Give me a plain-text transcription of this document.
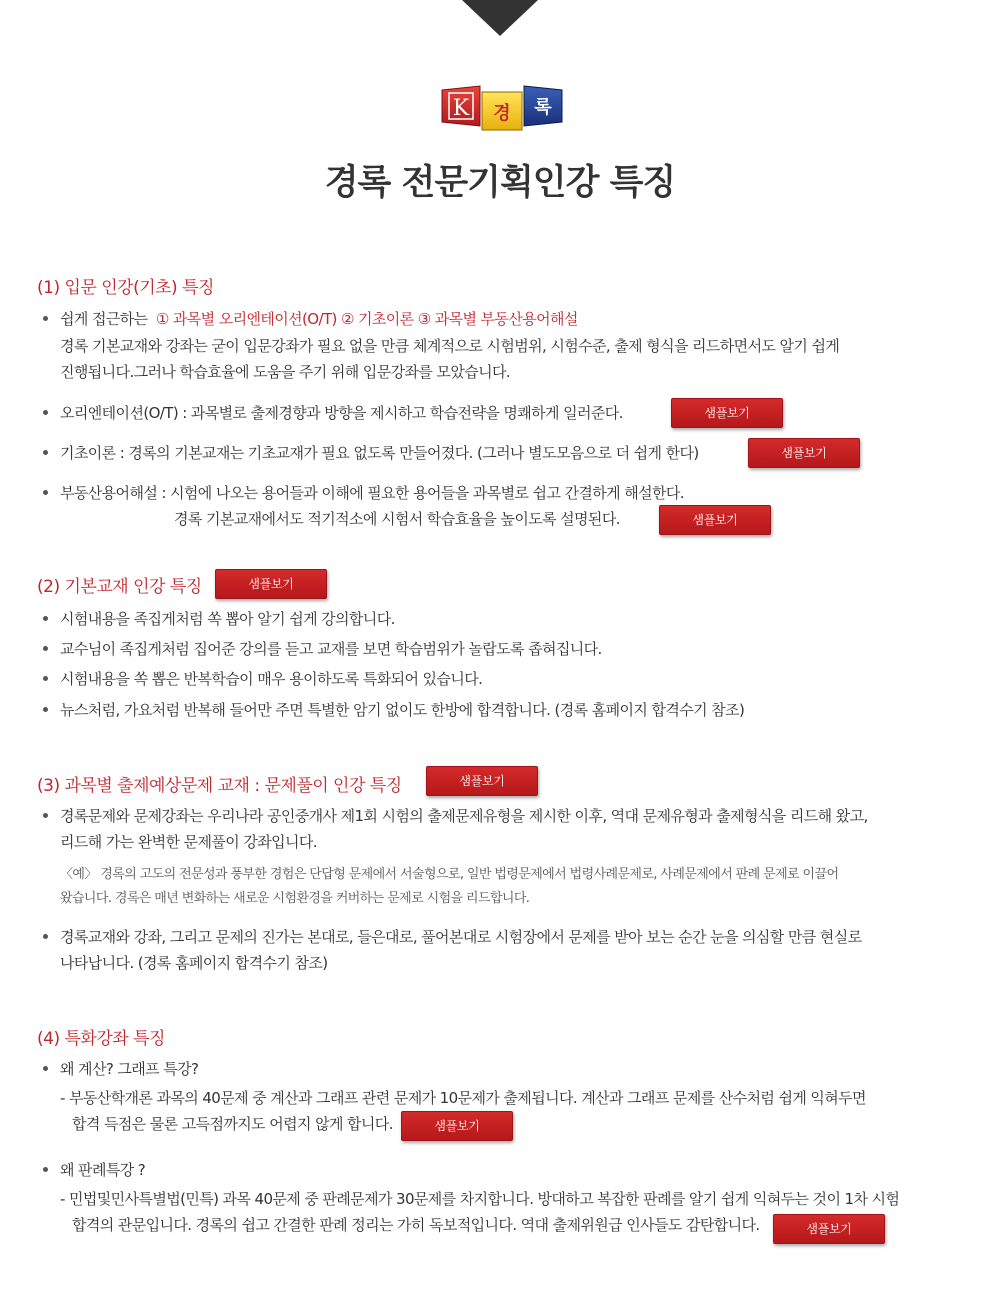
K 경 록
경록 전문기획인강 특징
(1) 입문 인강(기초) 특징
쉽게 접근하는 ① 과목별 오리엔테이션(O/T) ② 기초이론 ③ 과목별 부동산용어해설
경록 기본교재와 강좌는 굳이 입문강좌가 필요 없을 만큼 체계적으로 시험범위, 시험수준, 출제 형식을 리드하면서도 알기 쉽게
진행됩니다.그러나 학습효율에 도움을 주기 위해 입문강좌를 모았습니다.
오리엔테이션(O/T) : 과목별로 출제경향과 방향을 제시하고 학습전략을 명쾌하게 일러준다.	샘플보기
기초이론 : 경록의 기본교재는 기초교재가 필요 없도록 만들어졌다. (그러나 별도모음으로 더 쉽게 한다)	샘플보기
부동산용어해설 : 시험에 나오는 용어들과 이해에 필요한 용어들을 과목별로 쉽고 간결하게 해설한다.
경록 기본교재에서도 적기적소에 시험서 학습효율을 높이도록 설명된다.	샘플보기
(2) 기본교재 인강 특징	샘플보기
시험내용을 족집게처럼 쏙 뽑아 알기 쉽게 강의합니다.
교수님이 족집게처럼 집어준 강의를 듣고 교재를 보면 학습범위가 놀랍도록 좁혀집니다.
시험내용을 쏙 뽑은 반복학습이 매우 용이하도록 특화되어 있습니다.
뉴스처럼, 가요처럼 반복해 들어만 주면 특별한 암기 없이도 한방에 합격합니다. (경록 홈페이지 합격수기 참조)
(3) 과목별 출제예상문제 교재 : 문제풀이 인강 특징	샘플보기
경록문제와 문제강좌는 우리나라 공인중개사 제1회 시험의 출제문제유형을 제시한 이후, 역대 문제유형과 출제형식을 리드해 왔고,
리드해 가는 완벽한 문제풀이 강좌입니다.
〈예〉 경록의 고도의 전문성과 풍부한 경험은 단답형 문제에서 서술형으로, 일반 법령문제에서 법령사례문제로, 사례문제에서 판례 문제로 이끌어
왔습니다. 경록은 매년 변화하는 새로운 시험환경을 커버하는 문제로 시험을 리드합니다.
경록교재와 강좌, 그리고 문제의 진가는 본대로, 들은대로, 풀어본대로 시험장에서 문제를 받아 보는 순간 눈을 의심할 만큼 현실로
나타납니다. (경록 홈페이지 합격수기 참조)
(4) 특화강좌 특징
왜 계산? 그래프 특강?
- 부동산학개론 과목의 40문제 중 계산과 그래프 관련 문제가 10문제가 출제됩니다. 계산과 그래프 문제를 산수처럼 쉽게 익혀두면
합격 득점은 물론 고득점까지도 어렵지 않게 합니다.	샘플보기
왜 판례특강 ?
- 민법및민사특별법(민특) 과목 40문제 중 판례문제가 30문제를 차지합니다. 방대하고 복잡한 판례를 알기 쉽게 익혀두는 것이 1차 시험
합격의 관문입니다. 경록의 쉽고 간결한 판례 정리는 가히 독보적입니다. 역대 출제위원급 인사들도 감탄합니다.	샘플보기
